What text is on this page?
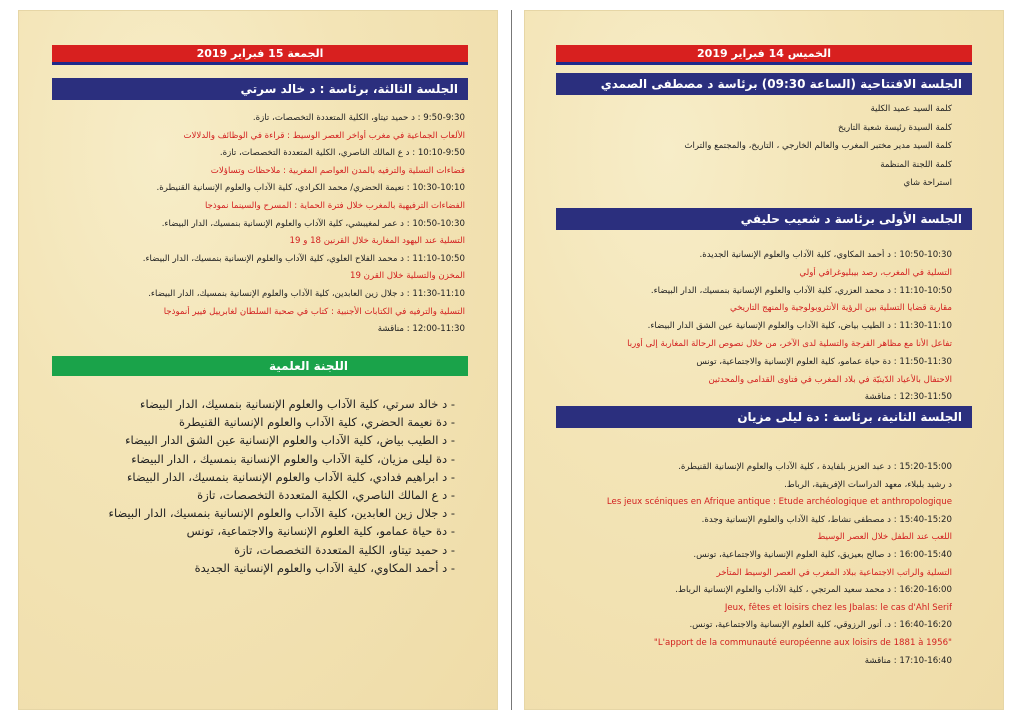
الجمعة 15 فبراير 2019
الجلسة الثالثة، برئاسة : د خالد سرتي
9:50-9:30 : د حميد تيتاو، الكلية المتعددة التخصصات، تازة.
الألعاب الجماعية في مغرب أواخر العصر الوسيط : قراءة في الوظائف والدلالات
10:10-9:50 : د ع المالك الناصري، الكلية المتعددة التخصصات، تازة.
فضاءات التسلية والترفيه بالمدن العواصم المغربية : ملاحظات وتساؤلات
10:30-10:10 : نعيمة الحضري/ محمد الكرادي، كلية الآداب والعلوم الإنسانية القنيطرة.
الفضاءات الترفيهية بالمغرب خلال فترة الحماية : المسرح والسينما نموذجا
10:50-10:30 : د عمر لمغيبشي، كلية الآداب والعلوم الإنسانية بنمسيك، الدار البيضاء.
التسلية عند اليهود المغاربة خلال القرنين 18 و 19
11:10-10:50 : د محمد الفلاح العلوي، كلية الآداب والعلوم الإنسانية بنمسيك، الدار البيضاء.
المخزن والتسلية خلال القرن 19
11:30-11:10 : د جلال زين العابدين، كلية الآداب والعلوم الإنسانية بنمسيك، الدار البيضاء.
التسلية والترفيه في الكتابات الأجنبية : كتاب في صحبة السلطان لغابرييل فيير أنموذجا
12:00-11:30 : مناقشة
اللجنة العلمية
- د خالد سرتي، كلية الآداب والعلوم الإنسانية بنمسيك، الدار البيضاء
- دة نعيمة الحضري، كلية الآداب والعلوم الإنسانية القنيطرة
- د الطيب بياض، كلية الآداب والعلوم الإنسانية عين الشق الدار البيضاء
- دة ليلى مزيان، كلية الآداب والعلوم الإنسانية بنمسيك ، الدار البيضاء
- د ابراهيم فدادي، كلية الآداب والعلوم الإنسانية بنمسيك، الدار البيضاء
- د ع المالك الناصري، الكلية المتعددة التخصصات، تازة
- د جلال زين العابدين، كلية الآداب والعلوم الإنسانية بنمسيك، الدار البيضاء
- دة حياة عمامو، كلية العلوم الإنسانية والاجتماعية، تونس
- د حميد تيتاو، الكلية المتعددة التخصصات، تازة
- د أحمد المكاوي، كلية الآداب والعلوم الإنسانية الجديدة
الخميس 14 فبراير 2019
الجلسة الافتتاحية (الساعة 09:30) برئاسة د مصطفى الصمدي
كلمة السيد عميد الكلية
كلمة السيدة رئيسة شعبة التاريخ
كلمة السيد مدير مختبر المغرب والعالم الخارجي ، التاريخ، والمجتمع والتراث
كلمة اللجنة المنظمة
استراحة شاي
الجلسة الأولى برئاسة د شعيب حليفي
10:50-10:30 : د أحمد المكاوي، كلية الآداب والعلوم الإنسانية الجديدة.
التسلية في المغرب، رصد بيبليوغرافي أولي
11:10-10:50 : د محمد العزري، كلية الآداب والعلوم الإنسانية بنمسيك، الدار البيضاء.
مقاربة قضايا التسلية بين الرؤية الأنثروبولوجية والمنهج التاريخي
11:30-11:10 : د الطيب بياض، كلية الآداب والعلوم الإنسانية عين الشق الدار البيضاء.
تفاعل الأنا مع مظاهر الفرجة والتسلية لدى الآخر، من خلال نصوص الرحالة المغاربة إلى أوربا
11:50-11:30 : دة حياة عمامو، كلية العلوم الإنسانية والاجتماعية، تونس
الاحتفال بالأعياد الدّينيّة في بلاد المغرب في فتاوى القدامى والمحدثين
12:30-11:50 : مناقشة
الجلسة الثانية، برئاسة : دة ليلى مزيان
15:20-15:00 : د عبد العزيز بلفايدة ، كلية الآداب والعلوم الإنسانية القنيطرة.
د رشيد بلبلاء، معهد الدراسات الإفريقية، الرباط.
Les jeux scéniques en Afrique antique : Etude archéologique et anthropologique
15:40-15:20 : د مصطفى نشاط، كلية الآداب والعلوم الإنسانية وجدة.
اللعب عند الطفل خلال العصر الوسيط
16:00-15:40 : د صالح بعيزيق، كلية العلوم الإنسانية والاجتماعية، تونس.
التسلية والراتب الاجتماعية ببلاد المغرب في العصر الوسيط المتأخر
16:20-16:00 : د محمد سعيد المرتجي ، كلية الآداب والعلوم الإنسانية الرباط.
Jeux, fêtes et loisirs chez les Jbalas: le cas d'Ahl Serif
16:40-16:20 : د. أنور الرزوقي، كلية العلوم الإنسانية والاجتماعية، تونس.
"L'apport de la communauté européenne aux loisirs de 1881 à 1956"
17:10-16:40 : مناقشة
